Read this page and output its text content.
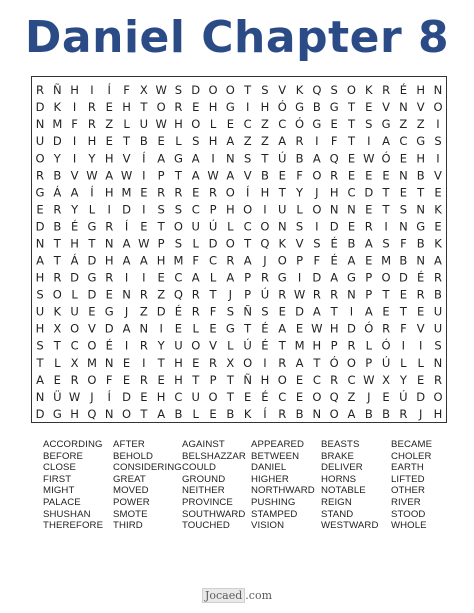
Daniel Chapter 8
R Ñ H I Í F X W S D O O T S V K Q S O K R É H N
D K I R E H T O R E H G I H Ó G B G T E V N V O
N M F R Z L U W H O L E C Z C Ó G E T S G Z Z I
U D I H E T B E L S H A Z Z A R I F T I A C G S
O Y I Y H V Í A G A I N S T Ú B A Q E W Ó E H I
R B V W A W I P T A W A V B E F O R E E E N B V
G Á A Í H M E R R E R O Í H T Y J H C D T E T E
E R Y L I D I S S C P H O I U L O N N E T S N K
D B É G R Í E T O U Ú L C O N S I D E R I N G E
N T H T N A W P S L D O T Q K V S É B A S F B K
A T Á D H A A H M F C R A J O P F É A E M B N A
H R D G R I I E C A L A P R G I D A G P O D É R
S O L D E N R Z Q R T J P Ú R W R R N P T E R B
U K U E G J Z D É R F S Ñ S E D A T I A E T E U
H X O V D A N I E L E G T É A E W H D Ó R F V U
S T C O É I R Y U O V L Ú É T M H P R L Ó I I S
T L X M N E I T H E R X O I R A T Ó O P Ú L L N
A E R O F E R E H T P T Ñ H O E C R C W X Y E R
N Ü W J Í D E H C U O T E É C E O Q Z J E Ú D O
D G H Q N O T A B L E B K Í R B N O A B B R J H
ACCORDING
BEFORE
CLOSE
FIRST
MIGHT
PALACE
SHUSHAN
THEREFORE
AFTER
BEHOLD
CONSIDERING
GREAT
MOVED
POWER
SMOTE
THIRD
AGAINST
BELSHAZZAR
COULD
GROUND
NEITHER
PROVINCE
SOUTHWARD
TOUCHED
APPEARED
BETWEEN
DANIEL
HIGHER
NORTHWARD
PUSHING
STAMPED
VISION
BEASTS
BRAKE
DELIVER
HORNS
NOTABLE
REIGN
STAND
WESTWARD
BECAME
CHOLER
EARTH
LIFTED
OTHER
RIVER
STOOD
WHOLE
Jocaed .com
